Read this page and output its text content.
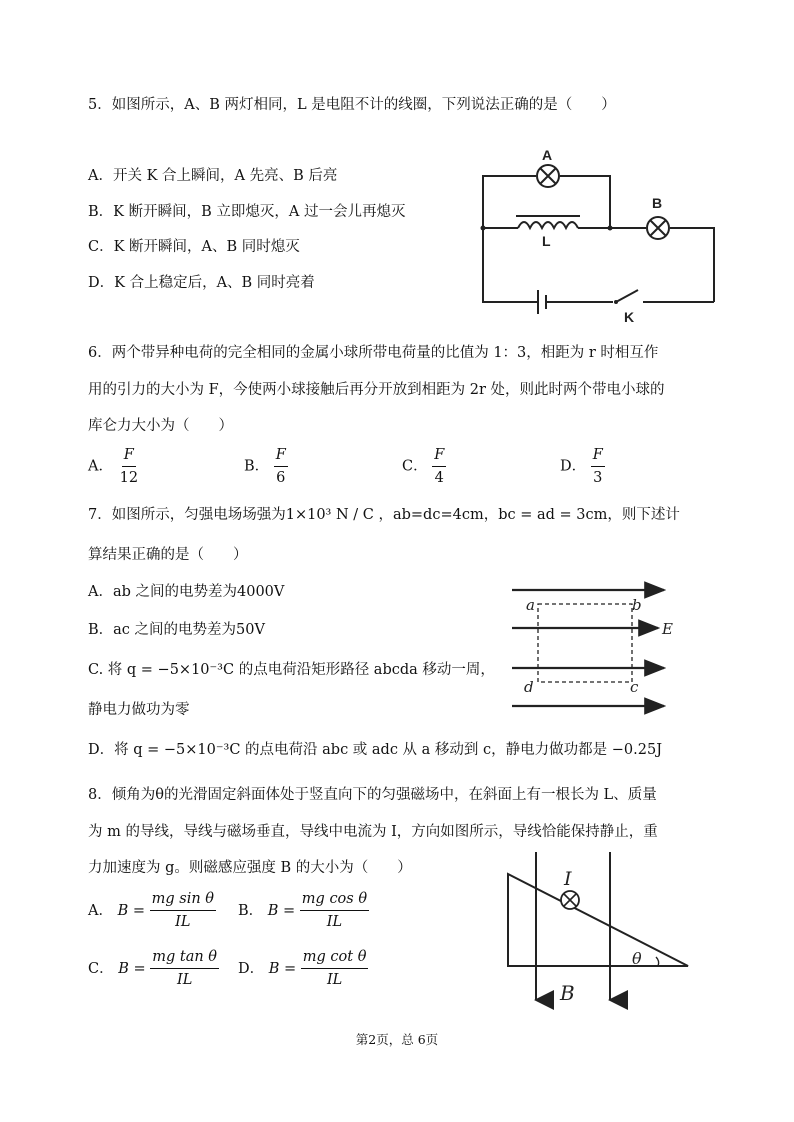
5．如图所示，A、B 两灯相同，L 是电阻不计的线圈，下列说法正确的是（　　）
A．开关 K 合上瞬间，A 先亮、B 后亮
B．K 断开瞬间，B 立即熄灭，A 过一会儿再熄灭
C．K 断开瞬间，A、B 同时熄灭
D．K 合上稳定后，A、B 同时亮着
A
B
L
K
6．两个带异种电荷的完全相同的金属小球所带电荷量的比值为 1：3，相距为 r 时相互作
用的引力的大小为 F，今使两小球接触后再分开放到相距为 2r 处，则此时两个带电小球的
库仑力大小为（　　）
A． $\frac{F}{12}$	B． $\frac{F}{6}$	C． $\frac{F}{4}$	D． $\frac{F}{3}$
7．如图所示，匀强电场场强为1×10³ N / C ，ab=dc=4cm，bc = ad = 3cm，则下述计
算结果正确的是（　　）
A．ab 之间的电势差为4000V
B．ac 之间的电势差为50V
C. 将 q = −5×10⁻³C 的点电荷沿矩形路径 abcda 移动一周，
静电力做功为零
D．将 q = −5×10⁻³C 的点电荷沿 abc 或 adc 从 a 移动到 c，静电力做功都是 −0.25J
a	b
c
d
E
8．倾角为θ的光滑固定斜面体处于竖直向下的匀强磁场中，在斜面上有一根长为 L、质量
为 m 的导线，导线与磁场垂直，导线中电流为 I，方向如图所示，导线恰能保持静止，重
力加速度为 g。则磁感应强度 B 的大小为（　　）
A．
B =
$\frac{\text{mg sin θ}}{IL}$ B．
B =
$\frac{\text{mg cos θ}}{IL}$
C．
B =
$\frac{\text{mg tan θ}}{IL}$ D．
B =
$\frac{\text{mg cot θ}}{IL}$
I
θ
B
第2页，总 6页
